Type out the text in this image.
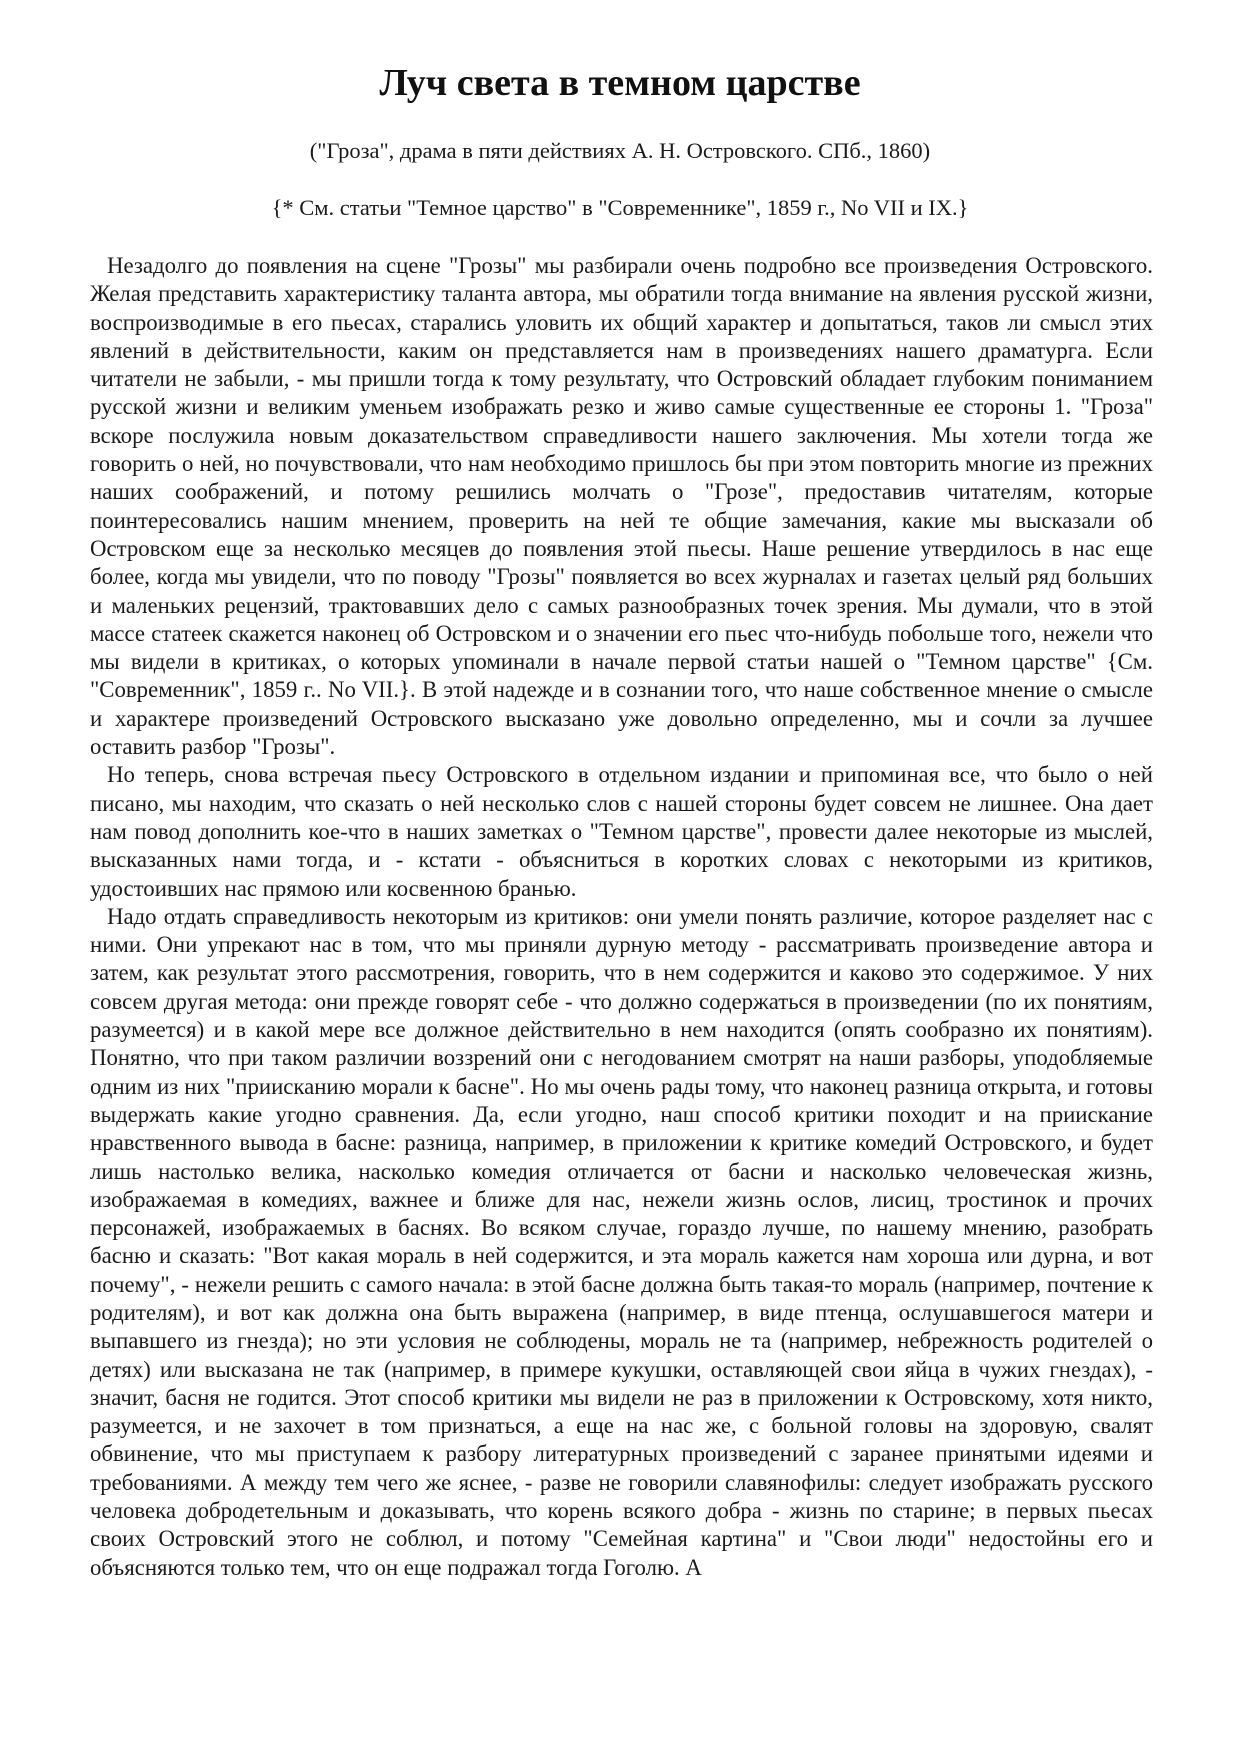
Луч света в темном царстве

("Гроза", драма в пяти действиях А. Н. Островского. СПб., 1860)

{* См. статьи "Темное царство" в "Современнике", 1859 г., No VII и IX.}

Незадолго до появления на сцене "Грозы" мы разбирали очень подробно все произведения Островского. Желая представить характеристику таланта автора, мы обратили тогда внимание на явления русской жизни, воспроизводимые в его пьесах, старались уловить их общий характер и допытаться, таков ли смысл этих явлений в действительности, каким он представляется нам в произведениях нашего драматурга. Если читатели не забыли, - мы пришли тогда к тому результату, что Островский обладает глубоким пониманием русской жизни и великим уменьем изображать резко и живо самые существенные ее стороны 1. "Гроза" вскоре послужила новым доказательством справедливости нашего заключения. Мы хотели тогда же говорить о ней, но почувствовали, что нам необходимо пришлось бы при этом повторить многие из прежних наших соображений, и потому решились молчать о "Грозе", предоставив читателям, которые поинтересовались нашим мнением, проверить на ней те общие замечания, какие мы высказали об Островском еще за несколько месяцев до появления этой пьесы. Наше решение утвердилось в нас еще более, когда мы увидели, что по поводу "Грозы" появляется во всех журналах и газетах целый ряд больших и маленьких рецензий, трактовавших дело с самых разнообразных точек зрения. Мы думали, что в этой массе статеек скажется наконец об Островском и о значении его пьес что-нибудь побольше того, нежели что мы видели в критиках, о которых упоминали в начале первой статьи нашей о "Темном царстве" {См. "Современник", 1859 г.. No VII.}. В этой надежде и в сознании того, что наше собственное мнение о смысле и характере произведений Островского высказано уже довольно определенно, мы и сочли за лучшее оставить разбор "Грозы".

Но теперь, снова встречая пьесу Островского в отдельном издании и припоминая все, что было о ней писано, мы находим, что сказать о ней несколько слов с нашей стороны будет совсем не лишнее. Она дает нам повод дополнить кое-что в наших заметках о "Темном царстве", провести далее некоторые из мыслей, высказанных нами тогда, и - кстати - объясниться в коротких словах с некоторыми из критиков, удостоивших нас прямою или косвенною бранью.

Надо отдать справедливость некоторым из критиков: они умели понять различие, которое разделяет нас с ними. Они упрекают нас в том, что мы приняли дурную методу - рассматривать произведение автора и затем, как результат этого рассмотрения, говорить, что в нем содержится и каково это содержимое. У них совсем другая метода: они прежде говорят себе - что должно содержаться в произведении (по их понятиям, разумеется) и в какой мере все должное действительно в нем находится (опять сообразно их понятиям). Понятно, что при таком различии воззрений они с негодованием смотрят на наши разборы, уподобляемые одним из них "приисканию морали к басне". Но мы очень рады тому, что наконец разница открыта, и готовы выдержать какие угодно сравнения. Да, если угодно, наш способ критики походит и на приискание нравственного вывода в басне: разница, например, в приложении к критике комедий Островского, и будет лишь настолько велика, насколько комедия отличается от басни и насколько человеческая жизнь, изображаемая в комедиях, важнее и ближе для нас, нежели жизнь ослов, лисиц, тростинок и прочих персонажей, изображаемых в баснях. Во всяком случае, гораздо лучше, по нашему мнению, разобрать басню и сказать: "Вот какая мораль в ней содержится, и эта мораль кажется нам хороша или дурна, и вот почему", - нежели решить с самого начала: в этой басне должна быть такая-то мораль (например, почтение к родителям), и вот как должна она быть выражена (например, в виде птенца, ослушавшегося матери и выпавшего из гнезда); но эти условия не соблюдены, мораль не та (например, небрежность родителей о детях) или высказана не так (например, в примере кукушки, оставляющей свои яйца в чужих гнездах), - значит, басня не годится. Этот способ критики мы видели не раз в приложении к Островскому, хотя никто, разумеется, и не захочет в том признаться, а еще на нас же, с больной головы на здоровую, свалят обвинение, что мы приступаем к разбору литературных произведений с заранее принятыми идеями и требованиями. А между тем чего же яснее, - разве не говорили славянофилы: следует изображать русского человека добродетельным и доказывать, что корень всякого добра - жизнь по старине; в первых пьесах своих Островский этого не соблюл, и потому "Семейная картина" и "Свои люди" недостойны его и объясняются только тем, что он еще подражал тогда Гоголю. А
